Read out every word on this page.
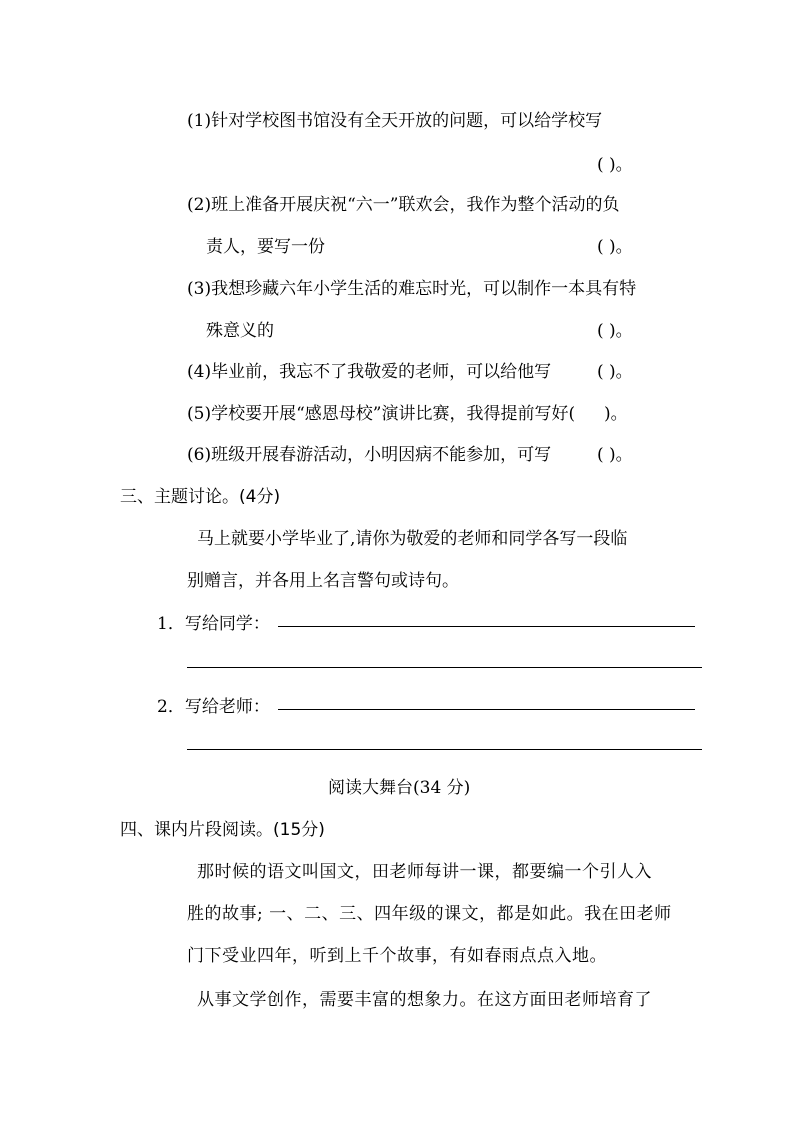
(1)针对学校图书馆没有全天开放的问题，可以给学校写
( )。
(2)班上准备开展庆祝“六一”联欢会，我作为整个活动的负
责人，要写一份	( )。
(3)我想珍藏六年小学生活的难忘时光，可以制作一本具有特
殊意义的	( )。
(4)毕业前，我忘不了我敬爱的老师，可以给他写	( )。
(5)学校要开展“感恩母校”演讲比赛，我得提前写好( )。
(6)班级开展春游活动，小明因病不能参加，可写	( )。
三、主题讨论。(4分)
马上就要小学毕业了,请你为敬爱的老师和同学各写一段临
别赠言，并各用上名言警句或诗句。
1．写给同学：
2．写给老师：
阅读大舞台(34 分)
四、课内片段阅读。(15分)
那时候的语文叫国文，田老师每讲一课，都要编一个引人入
胜的故事; 一、二、三、四年级的课文，都是如此。我在田老师
门下受业四年，听到上千个故事，有如春雨点点入地。
从事文学创作，需要丰富的想象力。在这方面田老师培育了
